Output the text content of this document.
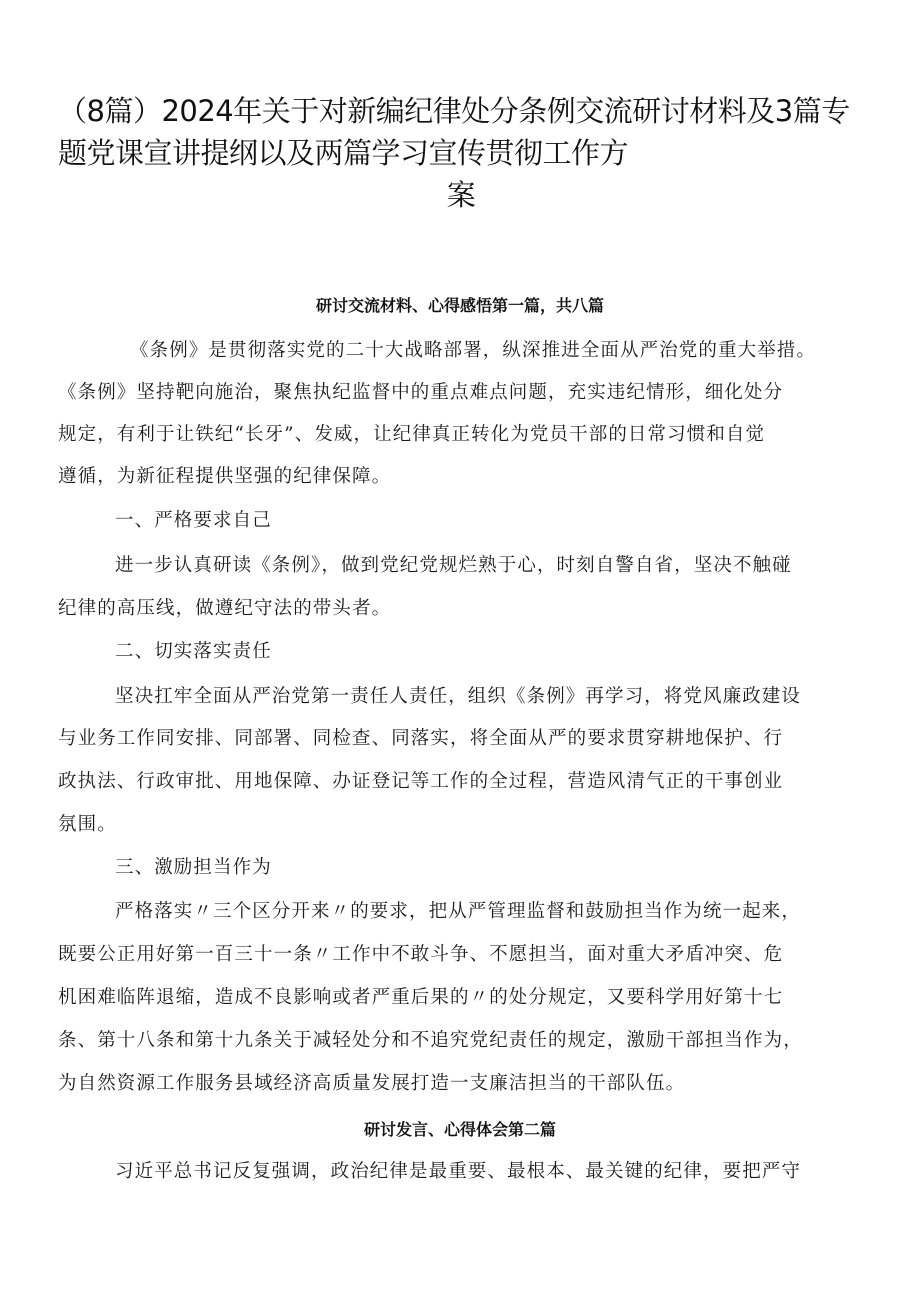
（8篇）2024年关于对新编纪律处分条例交流研讨材料及3篇专
题党课宣讲提纲以及两篇学习宣传贯彻工作方
案
研讨交流材料、心得感悟第一篇，共八篇

《条例》是贯彻落实党的二十大战略部署，纵深推进全面从严治党的重大举措。

《条例》坚持靶向施治，聚焦执纪监督中的重点难点问题，充实违纪情形，细化处分

规定，有利于让铁纪“长牙”、发威，让纪律真正转化为党员干部的日常习惯和自觉

遵循，为新征程提供坚强的纪律保障。

一、严格要求自己

进一步认真研读《条例》，做到党纪党规烂熟于心，时刻自警自省，坚决不触碰

纪律的高压线，做遵纪守法的带头者。

二、切实落实责任

坚决扛牢全面从严治党第一责任人责任，组织《条例》再学习，将党风廉政建设

与业务工作同安排、同部署、同检查、同落实，将全面从严的要求贯穿耕地保护、行

政执法、行政审批、用地保障、办证登记等工作的全过程，营造风清气正的干事创业

氛围。

三、激励担当作为

严格落实〃三个区分开来〃的要求，把从严管理监督和鼓励担当作为统一起来，

既要公正用好第一百三十一条〃工作中不敢斗争、不愿担当，面对重大矛盾冲突、危

机困难临阵退缩，造成不良影响或者严重后果的〃的处分规定，又要科学用好第十七

条、第十八条和第十九条关于减轻处分和不追究党纪责任的规定，激励干部担当作为，

为自然资源工作服务县域经济高质量发展打造一支廉洁担当的干部队伍。

研讨发言、心得体会第二篇

习近平总书记反复强调，政治纪律是最重要、最根本、最关键的纪律，要把严守
